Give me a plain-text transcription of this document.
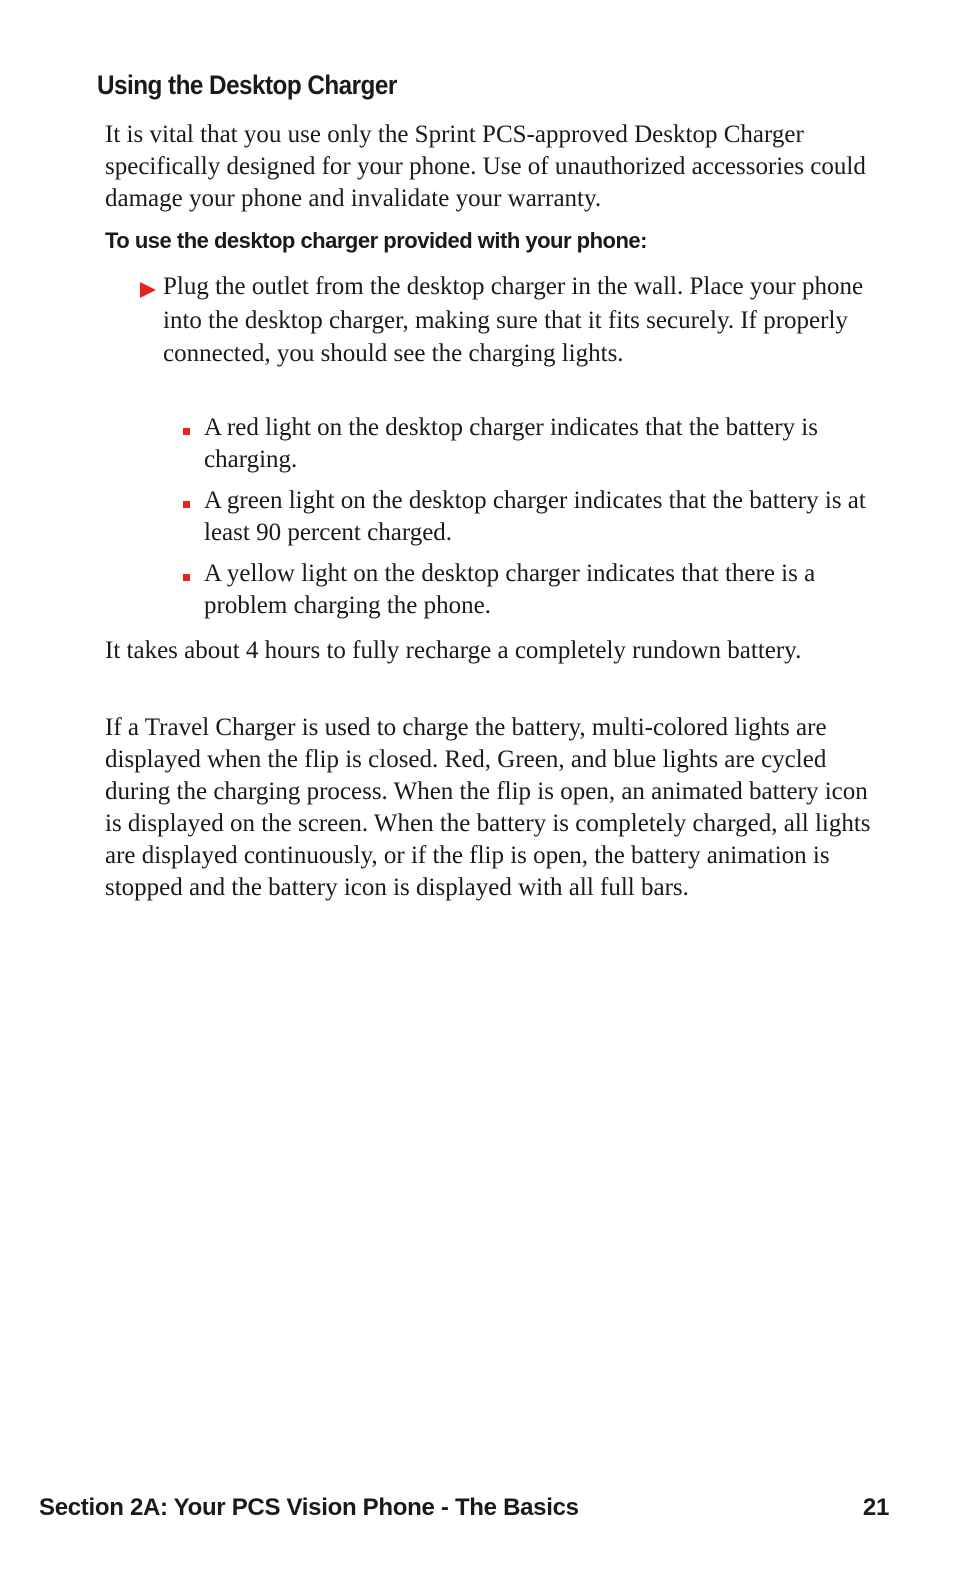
Using the Desktop Charger

It is vital that you use only the Sprint PCS-approved Desktop Charger specifically designed for your phone. Use of unauthorized accessories could damage your phone and invalidate your warranty.

To use the desktop charger provided with your phone:

Plug the outlet from the desktop charger in the wall. Place your phone into the desktop charger, making sure that it fits securely. If properly connected, you should see the charging lights.

A red light on the desktop charger indicates that the battery is charging.

A green light on the desktop charger indicates that the battery is at least 90 percent charged.

A yellow light on the desktop charger indicates that there is a problem charging the phone.

It takes about 4 hours to fully recharge a completely rundown battery.

If a Travel Charger is used to charge the battery, multi-colored lights are displayed when the flip is closed. Red, Green, and blue lights are cycled during the charging process. When the flip is open, an animated battery icon is displayed on the screen. When the battery is completely charged, all lights are displayed continuously, or if the flip is open, the battery animation is stopped and the battery icon is displayed with all full bars.

Section 2A: Your PCS Vision Phone - The Basics	21
